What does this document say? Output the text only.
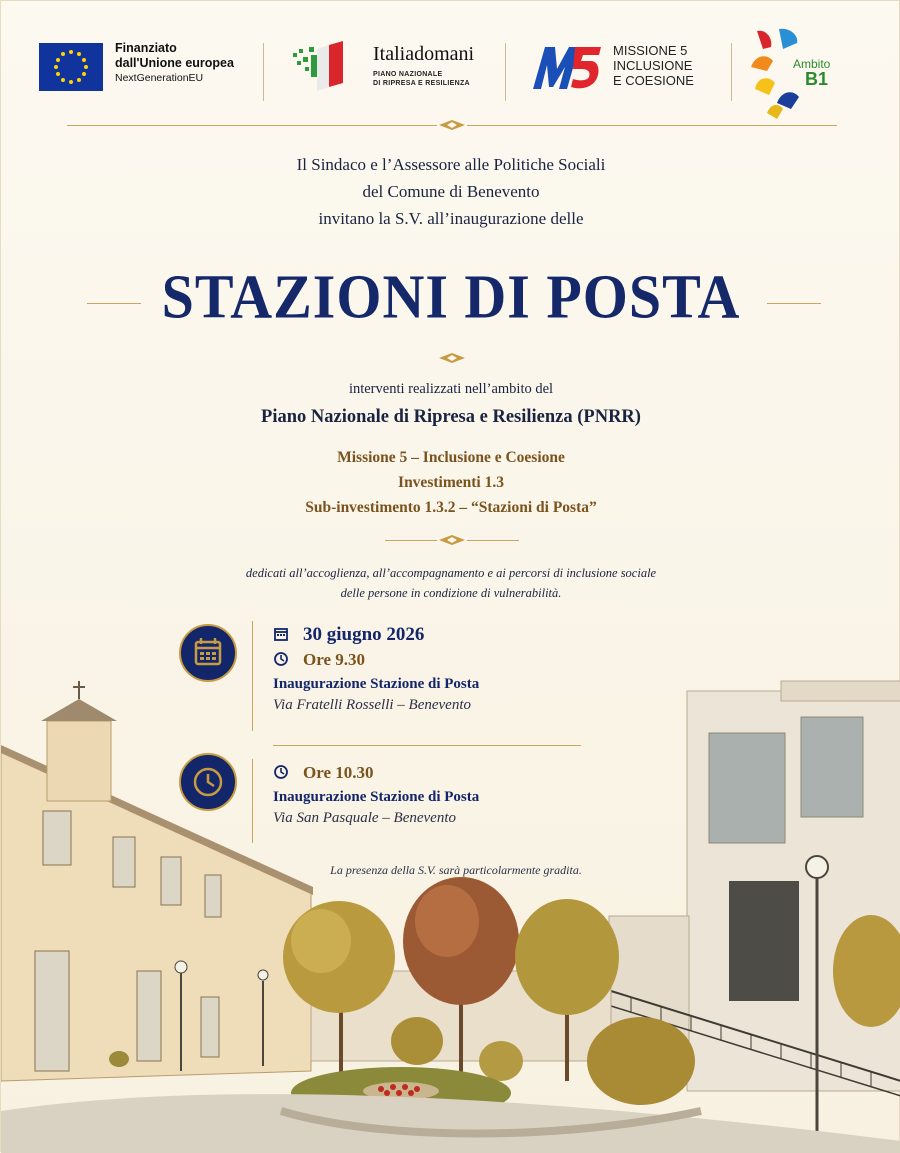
Finanziato
dall'Unione europea
NextGenerationEU
Italiadomani
PIANO NAZIONALE
DI RIPRESA E RESILIENZA
MISSIONE 5
INCLUSIONE
E COESIONE
Ambito
B1
Il Sindaco e l’Assessore alle Politiche Sociali
del Comune di Benevento
invitano la S.V. all’inaugurazione delle
STAZIONI DI POSTA
interventi realizzati nell’ambito del
Piano Nazionale di Ripresa e Resilienza (PNRR)
Missione 5 – Inclusione e Coesione
Investimenti 1.3
Sub-investimento 1.3.2 – “Stazioni di Posta”
dedicati all’accoglienza, all’accompagnamento e ai percorsi di inclusione sociale
delle persone in condizione di vulnerabilità.
30 giugno 2026
Ore 9.30
Inaugurazione Stazione di Posta
Via Fratelli Rosselli – Benevento
Ore 10.30
Inaugurazione Stazione di Posta
Via San Pasquale – Benevento
La presenza della S.V. sarà particolarmente gradita.
